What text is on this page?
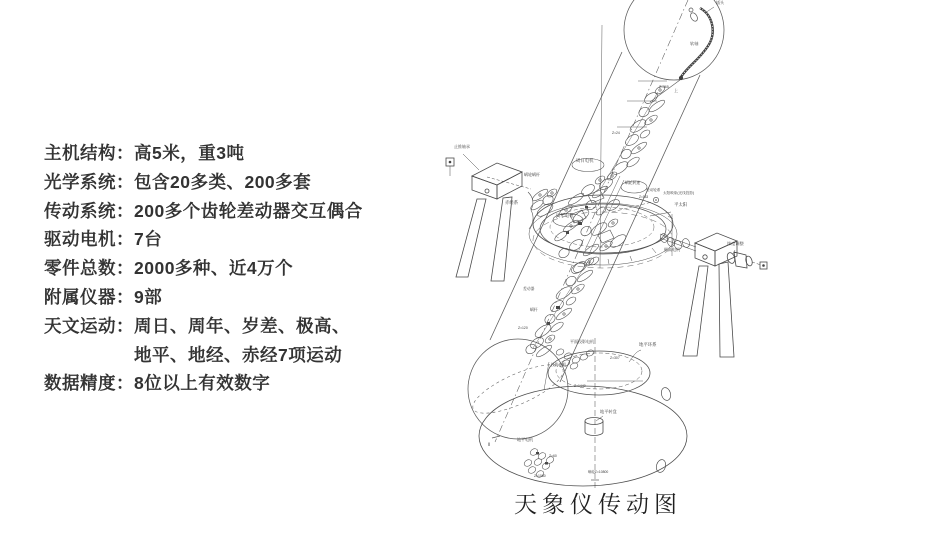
主机结构： 高5米，重3吨
光学系统： 包含20多类、200多套
传动系统： 200多个齿轮差动器交互偶合
驱动电机： 7台
零件总数： 2000多种、近4万个
附属仪器： 9部
天文运动： 周日、周年、岁差、极高、
地平、地经、赤经7项运动
数据精度： 8位以上有效数字
插头
软轴
上
Z=365
Z=24
周日电机
蜗轮蜗杆
蜗轮转速
差动轮系
太阳映象(光线投影)
平太阳
赤经系
止推轴承
周年电机
差动器
蜗杆
Z=120
极高电机
纬度调整
平面投影电机
投影电机
Z=307
Z=1440
Z=183
地平环系
地平转盘
地平电机
Z=60
Z=1080
蜗轮Z=10800
Ⅱ
天象仪传动图
